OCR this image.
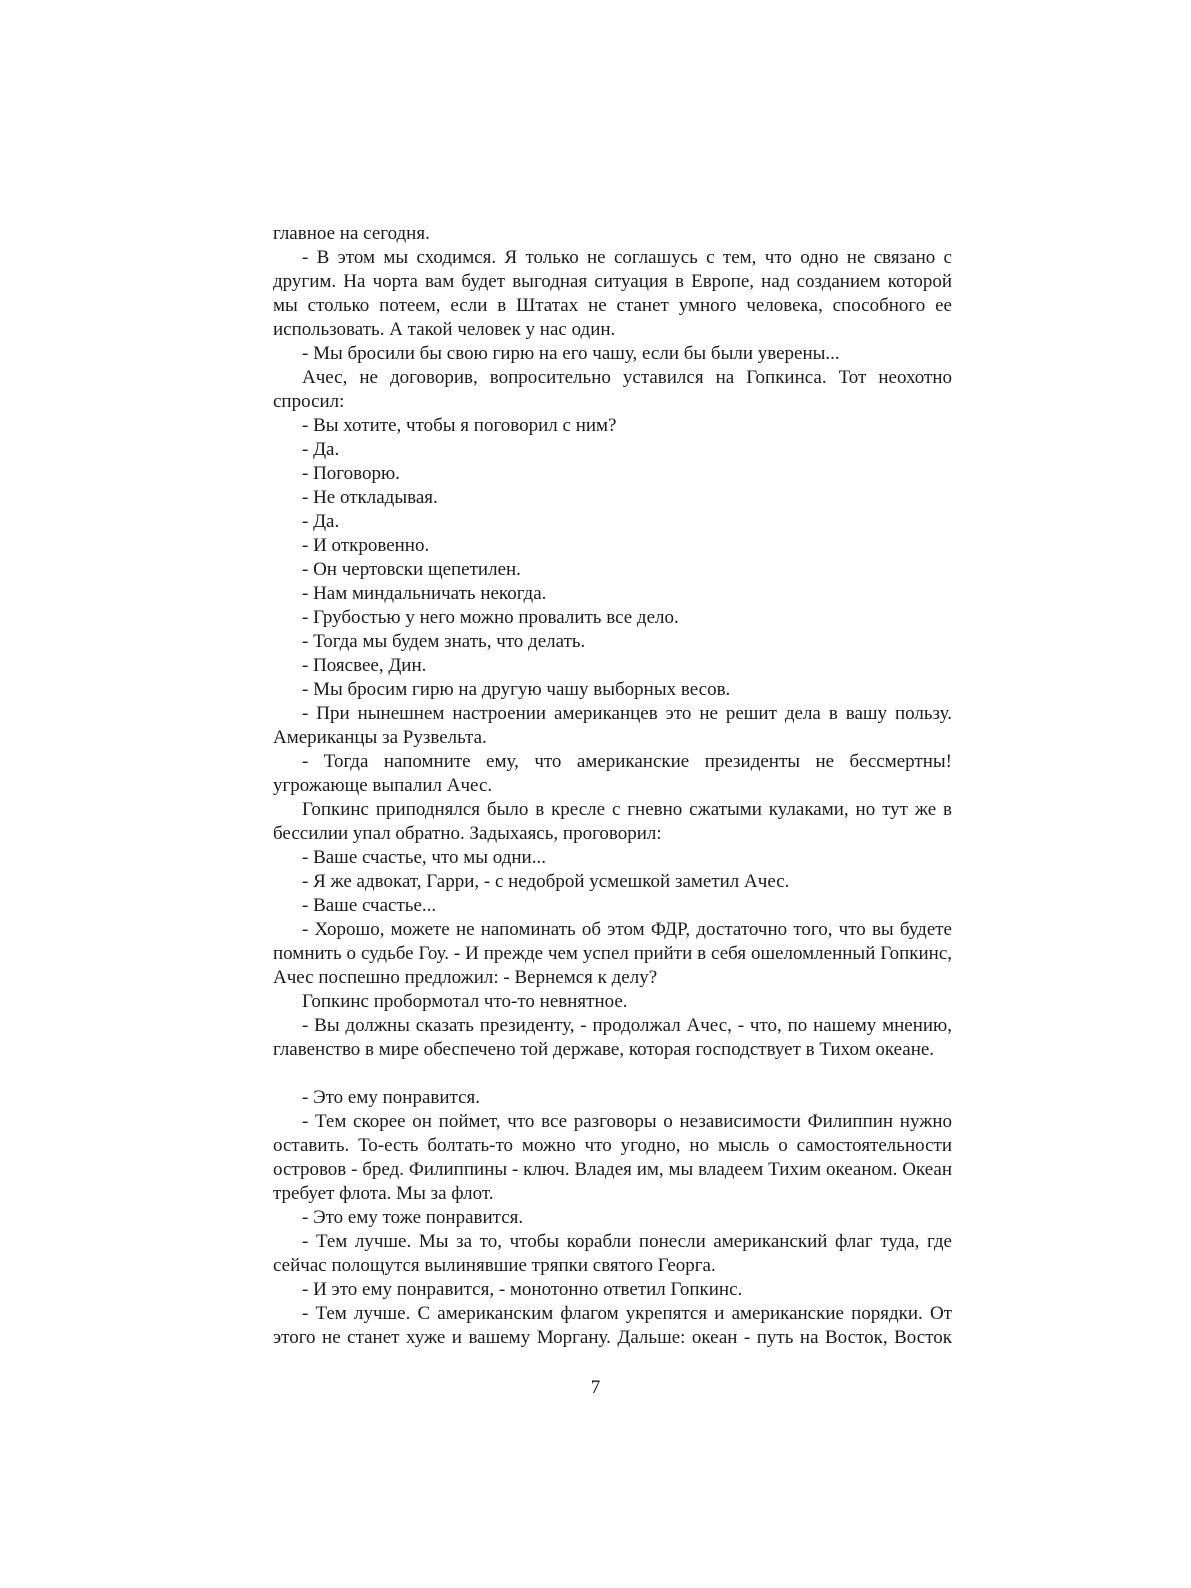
главное на сегодня.

- В этом мы сходимся. Я только не соглашусь с тем, что одно не связано с другим. На чорта вам будет выгодная ситуация в Европе, над созданием которой мы столько потеем, если в Штатах не станет умного человека, способного ее использовать. А такой человек у нас один.

- Мы бросили бы свою гирю на его чашу, если бы были уверены...

Ачес, не договорив, вопросительно уставился на Гопкинса. Тот неохотно спросил:

- Вы хотите, чтобы я поговорил с ним?

- Да.

- Поговорю.

- Не откладывая.

- Да.

- И откровенно.

- Он чертовски щепетилен.

- Нам миндальничать некогда.

- Грубостью у него можно провалить все дело.

- Тогда мы будем знать, что делать.

- Поясвее, Дин.

- Мы бросим гирю на другую чашу выборных весов.

- При нынешнем настроении американцев это не решит дела в вашу пользу. Американцы за Рузвельта.

- Тогда напомните ему, что американские президенты не бессмертны! угрожающе выпалил Ачес.

Гопкинс приподнялся было в кресле с гневно сжатыми кулаками, но тут же в бессилии упал обратно. Задыхаясь, проговорил:

- Ваше счастье, что мы одни...

- Я же адвокат, Гарри, - с недоброй усмешкой заметил Ачес.

- Ваше счастье...

- Хорошо, можете не напоминать об этом ФДР, достаточно того, что вы будете помнить о судьбе Гоу. - И прежде чем успел прийти в себя ошеломленный Гопкинс, Ачес поспешно предложил: - Вернемся к делу?

Гопкинс пробормотал что-то невнятное.

- Вы должны сказать президенту, - продолжал Ачес, - что, по нашему мнению, главенство в мире обеспечено той державе, которая господствует в Тихом океане.

- Это ему понравится.

- Тем скорее он поймет, что все разговоры о независимости Филиппин нужно оставить. То-есть болтать-то можно что угодно, но мысль о самостоятельности островов - бред. Филиппины - ключ. Владея им, мы владеем Тихим океаном. Океан требует флота. Мы за флот.

- Это ему тоже понравится.

- Тем лучше. Мы за то, чтобы корабли понесли американский флаг туда, где сейчас полощутся вылинявшие тряпки святого Георга.

- И это ему понравится, - монотонно ответил Гопкинс.

- Тем лучше. С американским флагом укрепятся и американские порядки. От этого не станет хуже и вашему Моргану. Дальше: океан - путь на Восток, Восток

7
